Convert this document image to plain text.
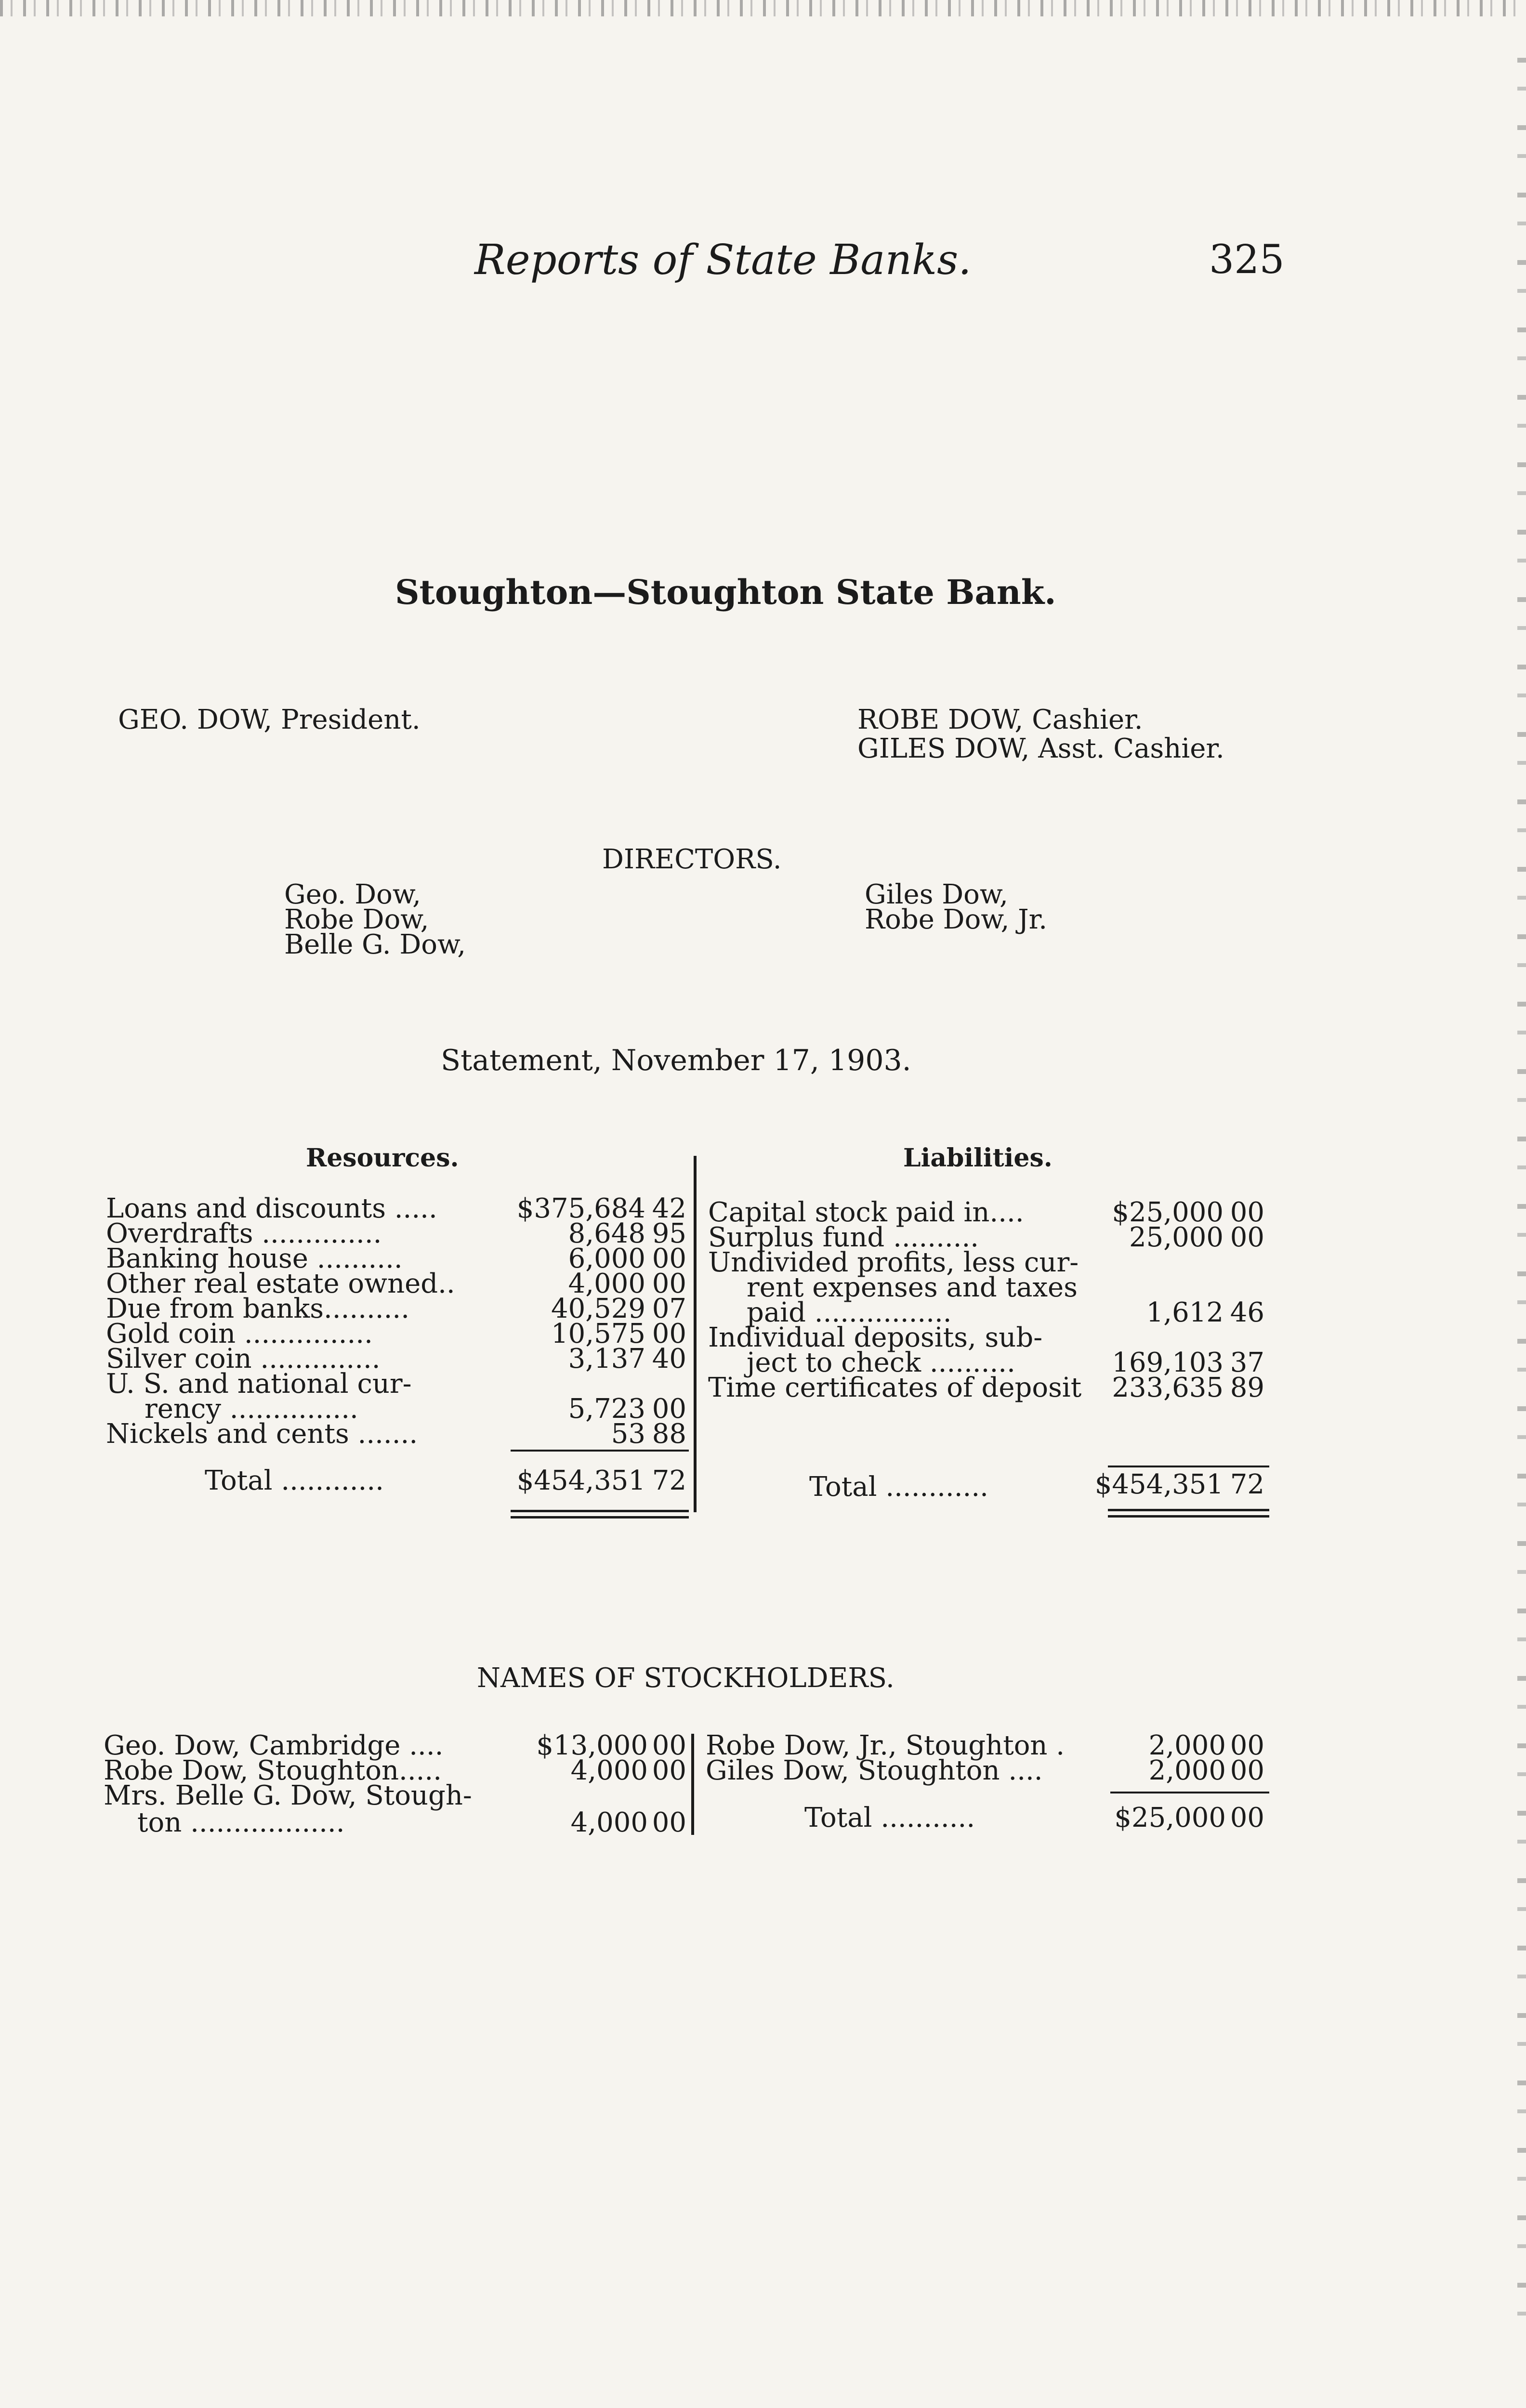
Reports of State Banks.	325
Stoughton—Stoughton State Bank.
GEO. DOW, President.	ROBE DOW, Cashier.
GILES DOW, Asst. Cashier.
DIRECTORS.
Geo. Dow,
Robe Dow,
Belle G. Dow,
Giles Dow,
Robe Dow, Jr.
Statement, November 17, 1903.
Resources.	Liabilities.
Loans and discounts .....	$375,684 42
Overdrafts ..............	8,648 95
Banking house ..........	6,000 00
Other real estate owned..	4,000 00
Due from banks..........	40,529 07
Gold coin ...............	10,575 00
Silver coin ..............	3,137 40
U. S. and national cur-
rency ...............	5,723 00
Nickels and cents .......	53 88
Total ............	$454,351 72
Capital stock paid in....	$25,000 00
Surplus fund ..........	25,000 00
Undivided profits, less cur-
rent expenses and taxes
paid ................	1,612 46
Individual deposits, sub-
ject to check ..........	169,103 37
Time certificates of deposit	233,635 89
Total ............	$454,351 72
NAMES OF STOCKHOLDERS.
Geo. Dow, Cambridge ....	$13,000 00
Robe Dow, Stoughton.....	4,000 00
Mrs. Belle G. Dow, Stough-
ton ..................	4,000 00
Robe Dow, Jr., Stoughton .	2,000 00
Giles Dow, Stoughton ....	2,000 00
Total ...........	$25,000 00
